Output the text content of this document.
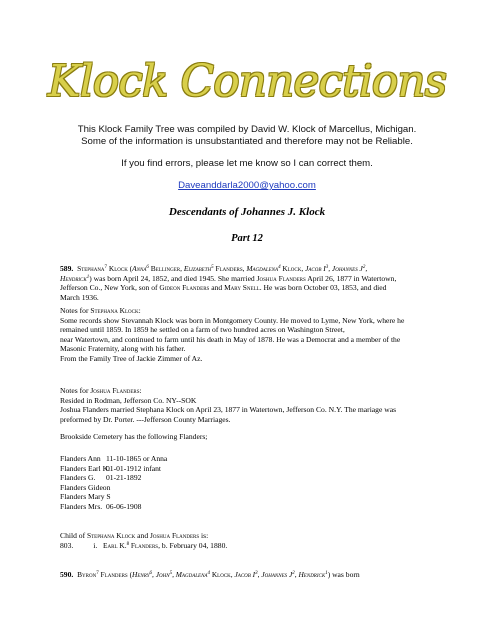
Klock Connections

This Klock Family Tree was compiled by David W. Klock of Marcellus, Michigan.

Some of the information is unsubstantiated and therefore may not be Reliable.

If you find errors, please let me know so I can correct them.
Daveanddarla2000@yahoo.com
Descendants of Johannes J. Klock
Part 12

589. Stephana$^7$ Klock (Anna$^6$ Bellinger, Elizabeth$^5$ Flanders, Magdalena$^4$ Klock, Jacob $I^3$, Johannes $J^2$,

Hendrick$^1$) was born April 24, 1852, and died 1945. She married Joshua Flanders April 26, 1877 in Watertown,

Jefferson Co., New York, son of Gideon Flanders and Mary Snell. He was born October 03, 1853, and died

March 1936.

Notes for Stephana Klock:

Some records show Stevannah Klock was born in Montgomery County. He moved to Lyme, New York, where he

remained until 1859. In 1859 he settled on a farm of two hundred acres on Washington Street,

near Watertown, and continued to farm until his death in May of 1878. He was a Democrat and a member of the

Masonic Fraternity, along with his father.

From the Family Tree of Jackie Zimmer of Az.

Notes for Joshua Flanders:

Resided in Rodman, Jefferson Co. NY--SOK

Joshua Flanders married Stephana Klock on April 23, 1877 in Watertown, Jefferson Co. N.Y. The mariage was

preformed by Dr. Porter. ---Jefferson County Marriages.

Brookside Cemetery has the following Flanders;

Flanders Ann 11-10-1865 or Anna

Flanders Earl K.01-01-1912 infant

Flanders G. 01-21-1892

Flanders Gideon

Flanders Mary S

Flanders Mrs. 06-06-1908

Child of Stephana Klock and Joshua Flanders is:

803.	i. Earl K.$^8$ Flanders, b. February 04, 1880.

590. Byron$^7$ Flanders (Henry$^6$, John$^5$, Magdalena$^4$ Klock, Jacob $I^3$, Johannes $J^2$, Hendrick$^1$) was born
